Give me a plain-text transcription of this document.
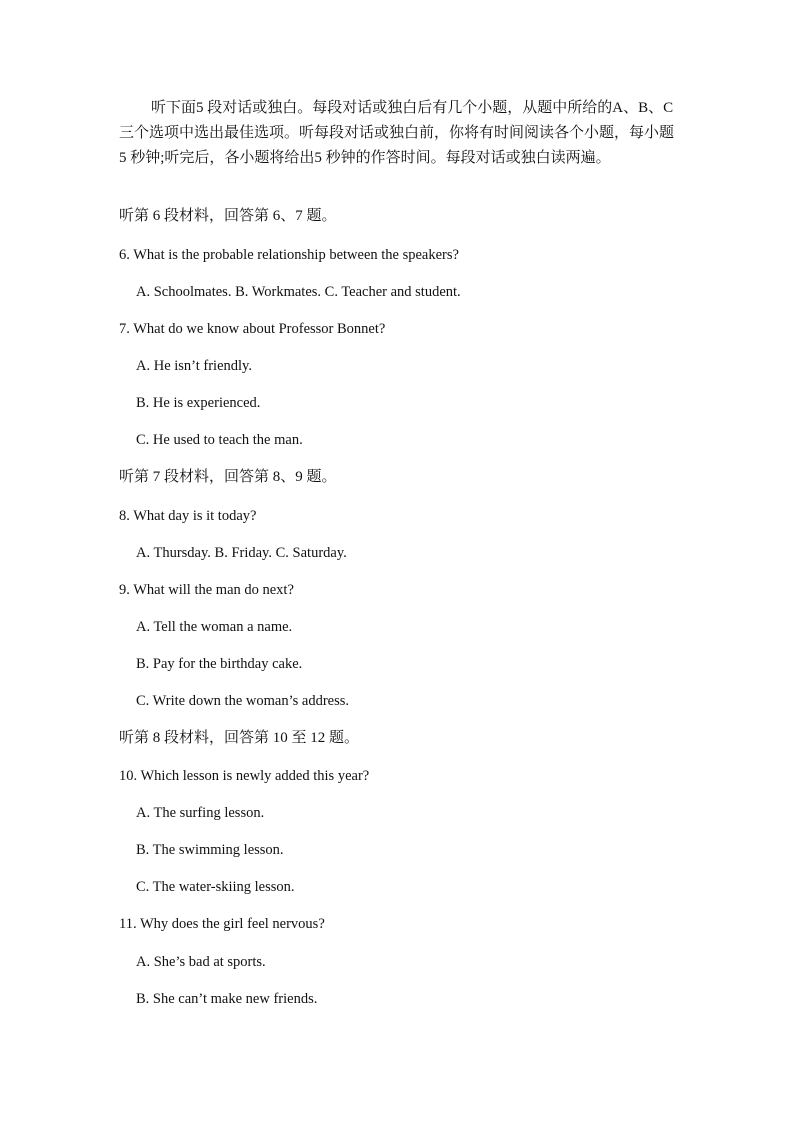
听下面5 段对话或独白。每段对话或独白后有几个小题，从题中所给的A、B、C 三个选项中选出最佳选项。听每段对话或独白前，你将有时间阅读各个小题，每小题5 秒钟;听完后，各小题将给出5 秒钟的作答时间。每段对话或独白读两遍。

听第 6 段材料，回答第 6、7 题。

6. What is the probable relationship between the speakers?

A. Schoolmates. B. Workmates. C. Teacher and student.

7. What do we know about Professor Bonnet?

A. He isn’t friendly.

B. He is experienced.

C. He used to teach the man.

听第 7 段材料，回答第 8、9 题。

8. What day is it today?

A. Thursday. B. Friday. C. Saturday.

9. What will the man do next?

A. Tell the woman a name.

B. Pay for the birthday cake.

C. Write down the woman’s address.

听第 8 段材料，回答第 10 至 12 题。

10. Which lesson is newly added this year?

A. The surfing lesson.

B. The swimming lesson.

C. The water-skiing lesson.

11. Why does the girl feel nervous?

A. She’s bad at sports.

B. She can’t make new friends.
